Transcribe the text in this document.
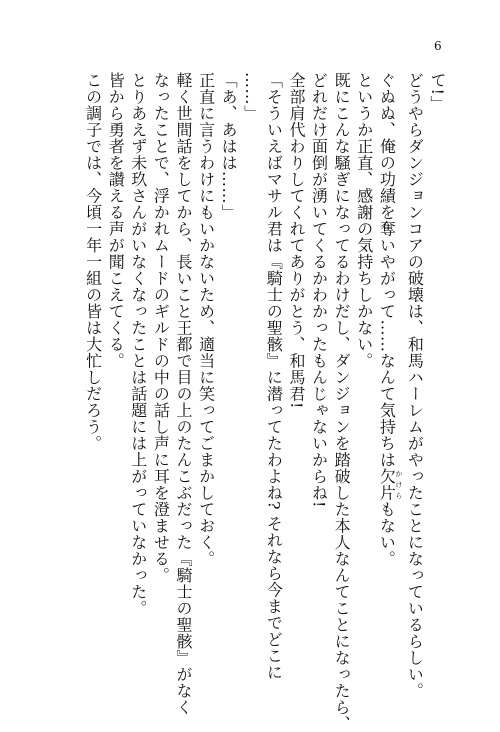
6

て!」

どうやらダンジョンコアの破壊は、和馬ハーレムがやったことになっているらしい。

ぐぬぬ、俺の功績を奪いやがって……なんて気持ちは欠片かけらもない。

というか正直、感謝の気持ちしかない。

既にこんな騒ぎになってるわけだし、ダンジョンを踏破した本人なんてことになったら、

どれだけ面倒が湧いてくるかわかったもんじゃないからね!

全部肩代わりしてくれてありがとう、和馬君!

「そういえばマサル君は『騎士の聖骸』に潜ってたわよね? それなら今までどこに

……」

「あ、あはは……」

正直に言うわけにもいかないため、適当に笑ってごまかしておく。

軽く世間話をしてから、長いこと王都で目の上のたんこぶだった『騎士の聖骸』がなく

なったことで、浮かれムードのギルドの中の話し声に耳を澄ませる。

とりあえず未玖さんがいなくなったことは話題には上がっていなかった。

皆から勇者を讃える声が聞こえてくる。

この調子では、今頃一年一組の皆は大忙しだろう。
